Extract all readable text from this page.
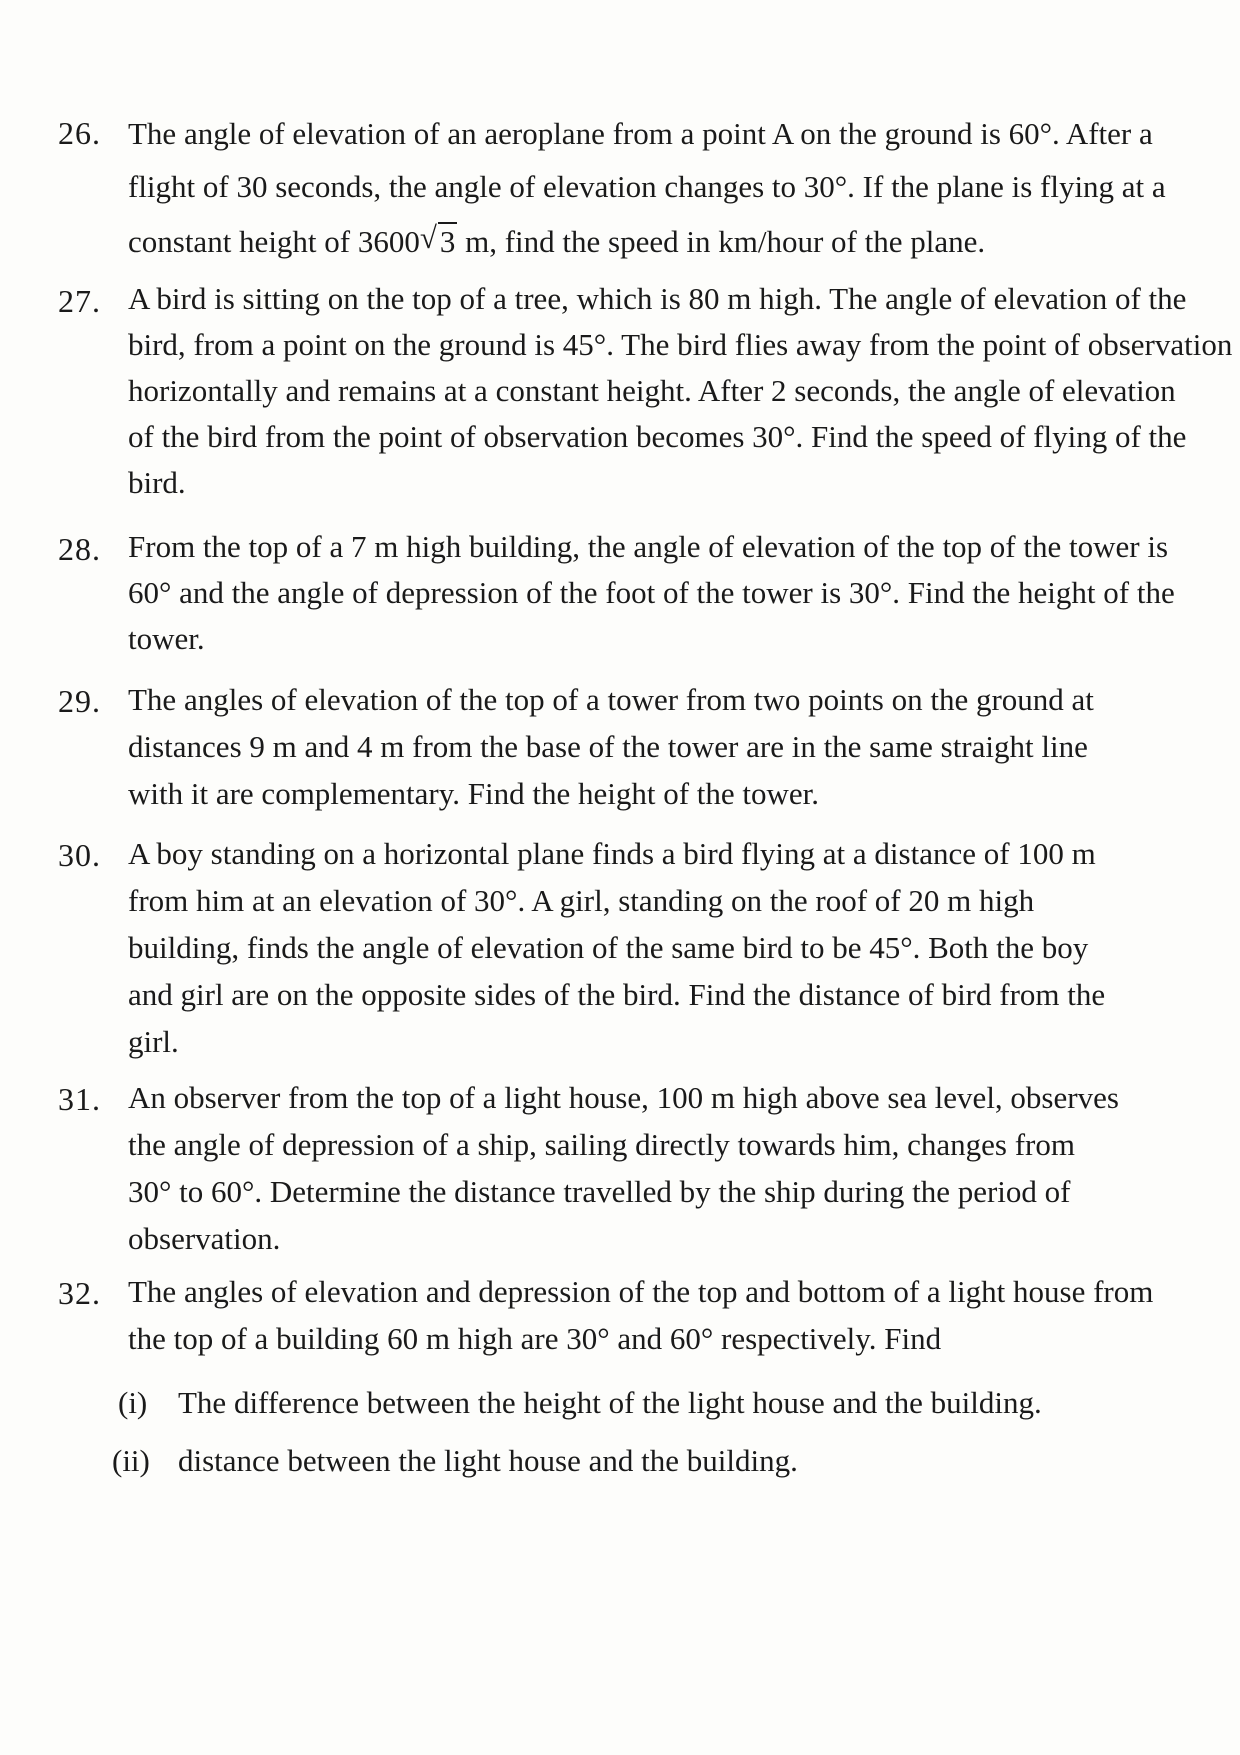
26. The angle of elevation of an aeroplane from a point A on the ground is 60°. After a
flight of 30 seconds, the angle of elevation changes to 30°. If the plane is flying at a
constant height of 3600√ 3 m, find the speed in km/hour of the plane.
27. A bird is sitting on the top of a tree, which is 80 m high. The angle of elevation of the
bird, from a point on the ground is 45°. The bird flies away from the point of observation
horizontally and remains at a constant height. After 2 seconds, the angle of elevation
of the bird from the point of observation becomes 30°. Find the speed of flying of the
bird.
28. From the top of a 7 m high building, the angle of elevation of the top of the tower is
60° and the angle of depression of the foot of the tower is 30°. Find the height of the
tower.
29. The angles of elevation of the top of a tower from two points on the ground at
distances 9 m and 4 m from the base of the tower are in the same straight line
with it are complementary. Find the height of the tower.
30. A boy standing on a horizontal plane finds a bird flying at a distance of 100 m
from him at an elevation of 30°. A girl, standing on the roof of 20 m high
building, finds the angle of elevation of the same bird to be 45°. Both the boy
and girl are on the opposite sides of the bird. Find the distance of bird from the
girl.
31. An observer from the top of a light house, 100 m high above sea level, observes
the angle of depression of a ship, sailing directly towards him, changes from
30° to 60°. Determine the distance travelled by the ship during the period of
observation.
32. The angles of elevation and depression of the top and bottom of a light house from
the top of a building 60 m high are 30° and 60° respectively. Find
(i) The difference between the height of the light house and the building.
(ii) distance between the light house and the building.
